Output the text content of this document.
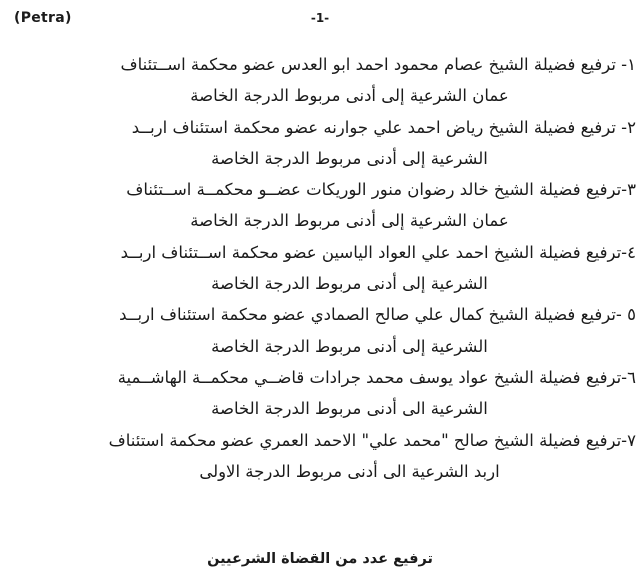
(Petra)	-1-
١- ترفيع فضيلة الشيخ عصام محمود احمد ابو العدس عضو محكمة اســتئناف
عمان الشرعية إلى أدنى مربوط الدرجة الخاصة
٢- ترفيع فضيلة الشيخ رياض احمد علي جوارنه عضو محكمة استئناف اربــد
الشرعية إلى أدنى مربوط الدرجة الخاصة
٣-ترفيع فضيلة الشيخ خالد رضوان منور الوريكات عضــو محكمــة اســتئناف
عمان الشرعية إلى أدنى مربوط الدرجة الخاصة
٤-ترفيع فضيلة الشيخ احمد علي العواد الياسين عضو محكمة اســتئناف اربــد
الشرعية إلى أدنى مربوط الدرجة الخاصة
٥ -ترفيع فضيلة الشيخ كمال علي صالح الصمادي عضو محكمة استئناف اربــد
الشرعية إلى أدنى مربوط الدرجة الخاصة
٦-ترفيع فضيلة الشيخ عواد يوسف محمد جرادات قاضــي محكمــة الهاشــمية
الشرعية الى أدنى مربوط الدرجة الخاصة
٧-ترفيع فضيلة الشيخ صالح "محمد علي" الاحمد العمري عضو محكمة استئناف
اربد الشرعية الى أدنى مربوط الدرجة الاولى
ترفيع عدد من القضاة الشرعيين
